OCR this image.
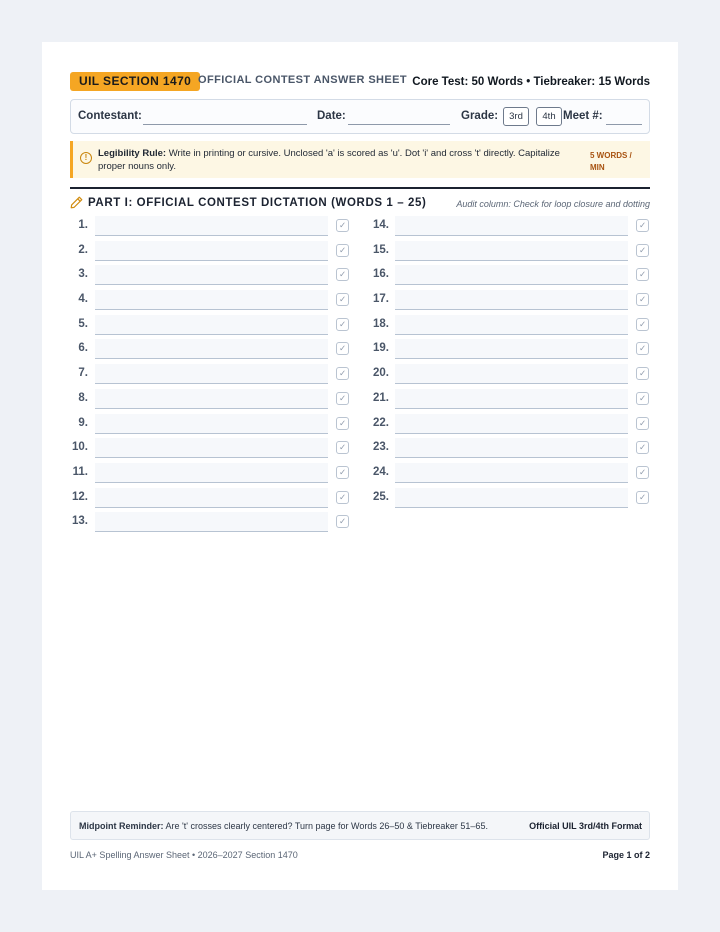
UIL SECTION 1470 OFFICIAL CONTEST ANSWER SHEET Core Test: 50 Words • Tiebreaker: 15 Words
Contestant:	Date:	Grade:	3rd	4th Meet #:
!	Legibility Rule: Write in printing or cursive. Unclosed 'a' is scored as 'u'. Dot 'i' and cross 't' directly. Capitalize proper nouns only.
5 WORDS / MIN
PART I: OFFICIAL CONTEST DICTATION (WORDS 1 – 25)	Audit column: Check for loop closure and dotting
1.	✓
2.	✓
3.	✓
4.	✓
5.	✓
6.	✓
7.	✓
8.	✓
9.	✓
10.	✓
11.	✓
12.	✓
13.	✓
14.	✓
15.	✓
16.	✓
17.	✓
18.	✓
19.	✓
20.	✓
21.	✓
22.	✓
23.	✓
24.	✓
25.	✓
Midpoint Reminder: Are 't' crosses clearly centered? Turn page for Words 26–50 & Tiebreaker 51–65.	Official UIL 3rd/4th Format
UIL A+ Spelling Answer Sheet • 2026–2027 Section 1470	Page 1 of 2
